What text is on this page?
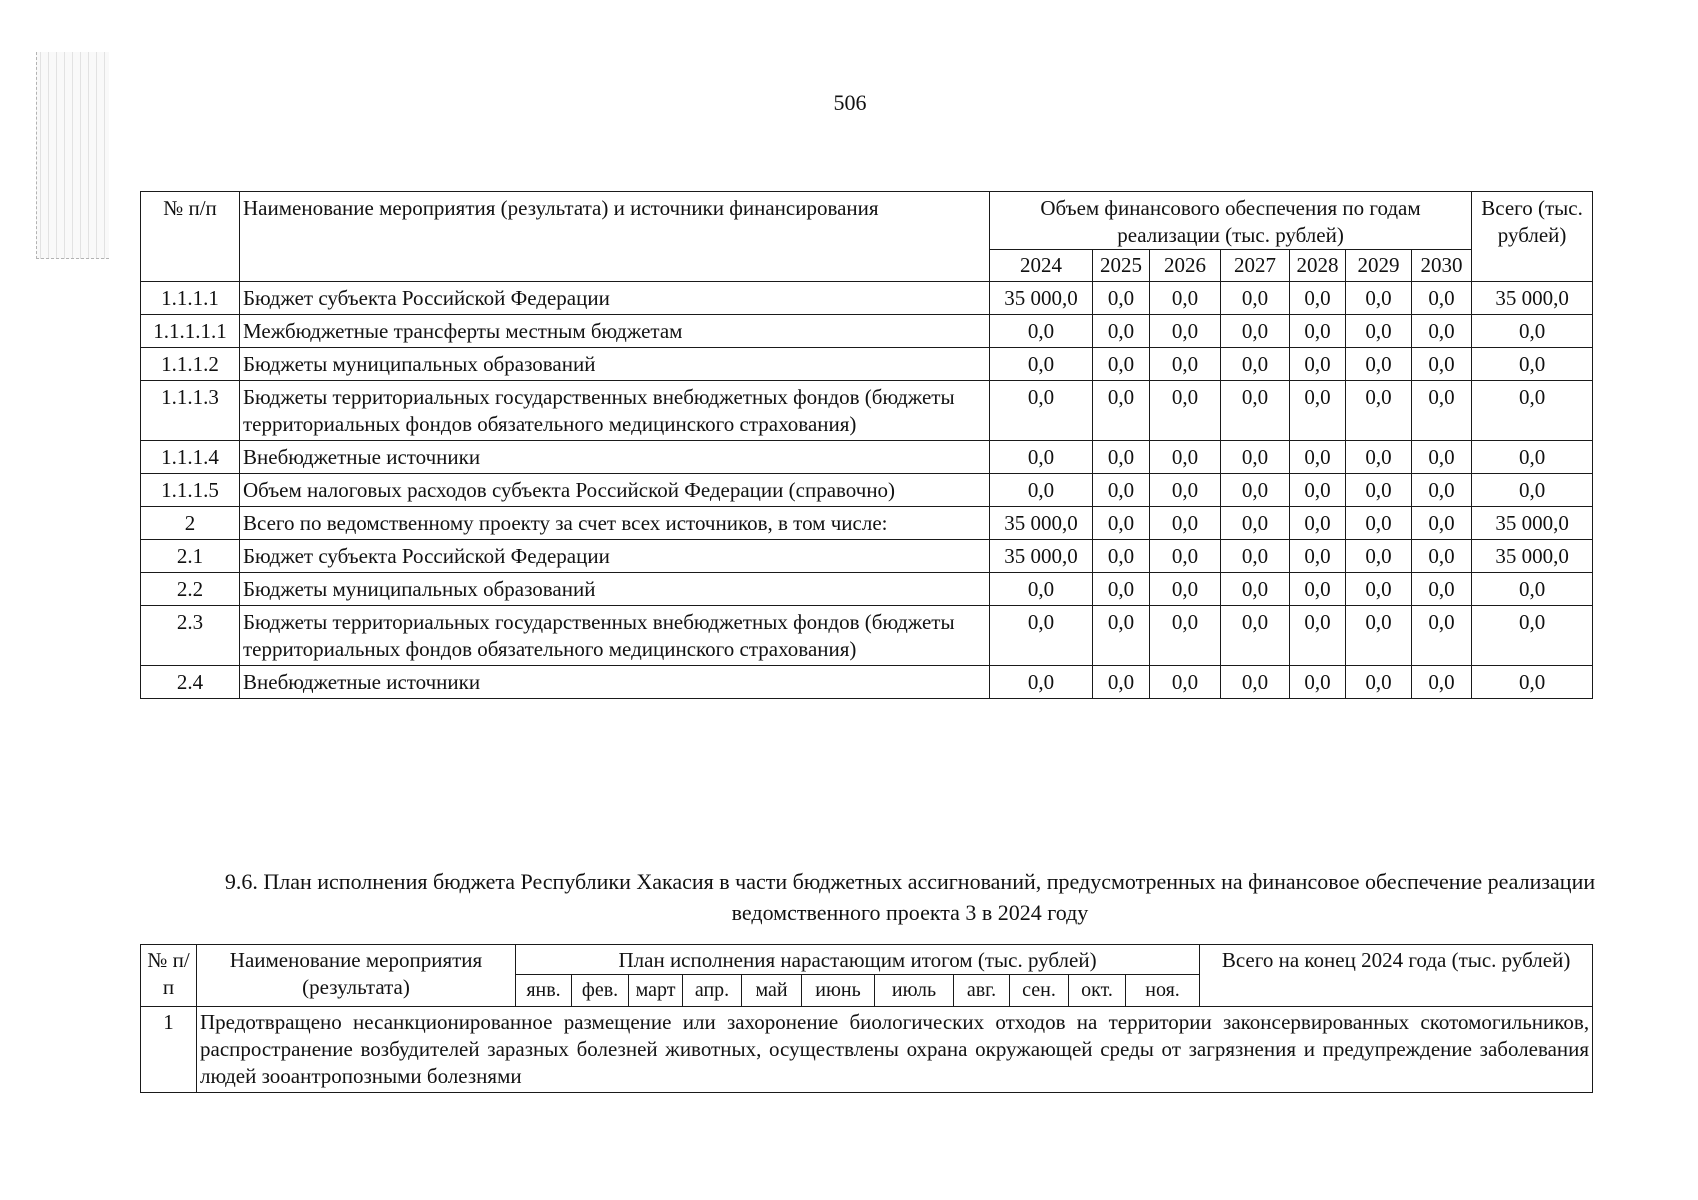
506
№ п/п	Наименование мероприятия (результата) и источники финансирования	Объем финансового обеспечения по годам реализации (тыс. рублей)							Всего (тыс. рублей)
		2024	2025	2026	2027	2028	2029	2030	
1.1.1.1	Бюджет субъекта Российской Федерации	35 000,0	0,0	0,0	0,0	0,0	0,0	0,0	35 000,0
1.1.1.1.1	Межбюджетные трансферты местным бюджетам	0,0	0,0	0,0	0,0	0,0	0,0	0,0	0,0
1.1.1.2	Бюджеты муниципальных образований	0,0	0,0	0,0	0,0	0,0	0,0	0,0	0,0
1.1.1.3	Бюджеты территориальных государственных внебюджетных фондов (бюджеты территориальных фондов обязательного медицинского страхования)	0,0	0,0	0,0	0,0	0,0	0,0	0,0	0,0
1.1.1.4	Внебюджетные источники	0,0	0,0	0,0	0,0	0,0	0,0	0,0	0,0
1.1.1.5	Объем налоговых расходов субъекта Российской Федерации (справочно)	0,0	0,0	0,0	0,0	0,0	0,0	0,0	0,0
2	Всего по ведомственному проекту за счет всех источников, в том числе:	35 000,0	0,0	0,0	0,0	0,0	0,0	0,0	35 000,0
2.1	Бюджет субъекта Российской Федерации	35 000,0	0,0	0,0	0,0	0,0	0,0	0,0	35 000,0
2.2	Бюджеты муниципальных образований	0,0	0,0	0,0	0,0	0,0	0,0	0,0	0,0
2.3	Бюджеты территориальных государственных внебюджетных фондов (бюджеты территориальных фондов обязательного медицинского страхования)	0,0	0,0	0,0	0,0	0,0	0,0	0,0	0,0
2.4	Внебюджетные источники	0,0	0,0	0,0	0,0	0,0	0,0	0,0	0,0
9.6. План исполнения бюджета Республики Хакасия в части бюджетных ассигнований, предусмотренных на финансовое обеспечение реализации ведомственного проекта 3 в 2024 году
№ п/п	Наименование мероприятия (результата)	План исполнения нарастающим итогом (тыс. рублей)											Всего на конец 2024 года (тыс. рублей)
		янв.	фев.	март	апр.	май	июнь	июль	авг.	сен.	окт.	ноя.	
1	Предотвращено несанкционированное размещение или захоронение биологических отходов на территории законсервированных скотомогильников, распространение возбудителей заразных болезней животных, осуществлены охрана окружающей среды от загрязнения и предупреждение заболевания людей зооантропозными болезнями												
